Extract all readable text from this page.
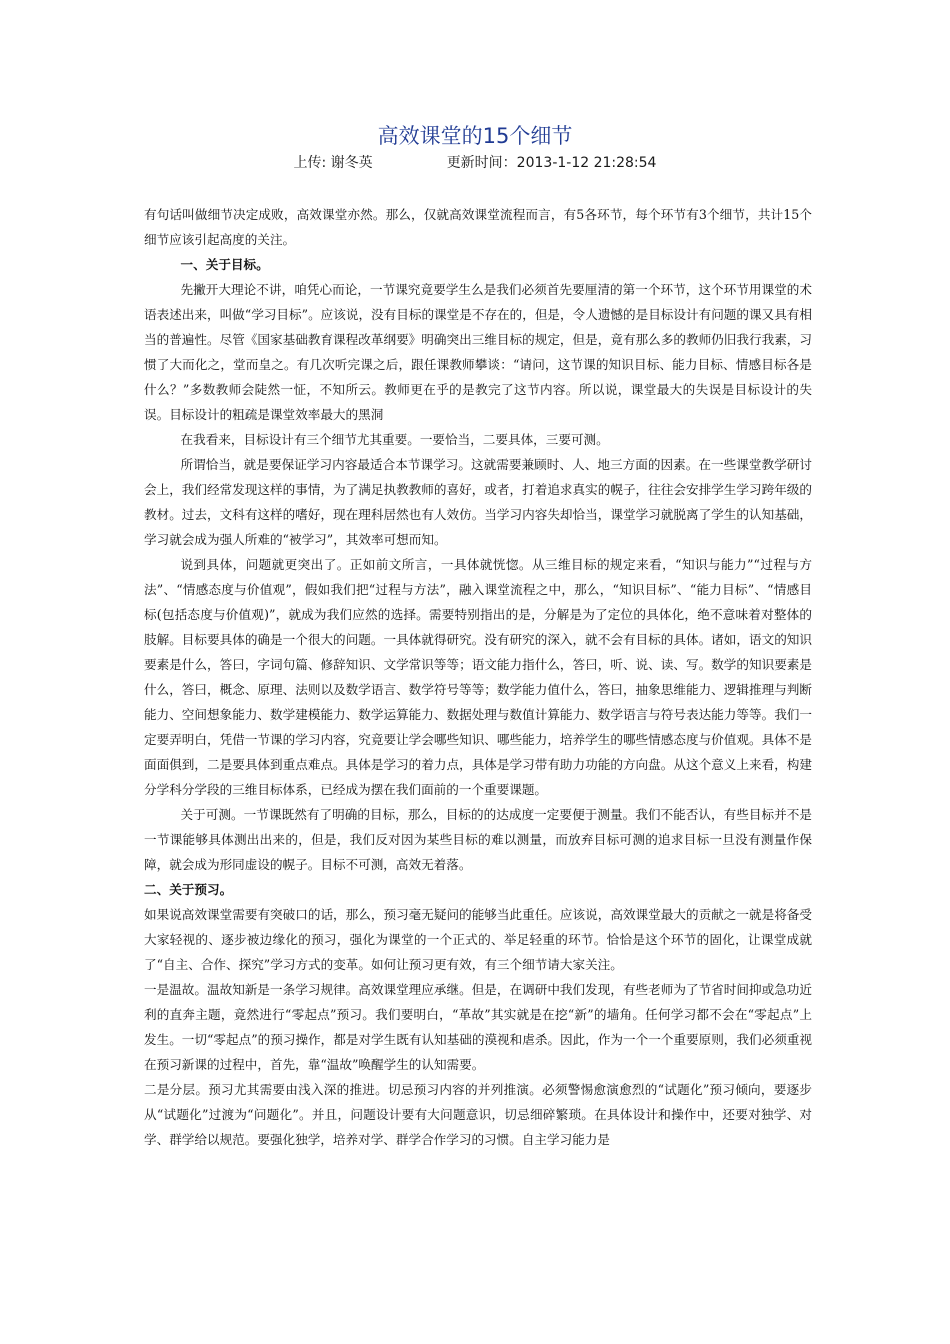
高效课堂的15个细节
上传: 谢冬英	更新时间：2013-1-12 21:28:54

有句话叫做细节决定成败，高效课堂亦然。那么，仅就高效课堂流程而言，有5各环节，每个环节有3个细节，共计15个细节应该引起高度的关注。

一、关于目标。

先撇开大理论不讲，咱凭心而论，一节课究竟要学生么是我们必须首先要厘清的第一个环节，这个环节用课堂的术语表述出来，叫做“学习目标”。应该说，没有目标的课堂是不存在的，但是，令人遗憾的是目标设计有问题的课又具有相当的普遍性。尽管《国家基础教育课程改革纲要》明确突出三维目标的规定，但是，竟有那么多的教师仍旧我行我素，习惯了大而化之，堂而皇之。有几次听完课之后，跟任课教师攀谈：“请问，这节课的知识目标、能力目标、情感目标各是什么？”多数教师会陡然一怔，不知所云。教师更在乎的是教完了这节内容。所以说，课堂最大的失误是目标设计的失误。目标设计的粗疏是课堂效率最大的黑洞

在我看来，目标设计有三个细节尤其重要。一要恰当，二要具体，三要可测。

所谓恰当，就是要保证学习内容最适合本节课学习。这就需要兼顾时、人、地三方面的因素。在一些课堂教学研讨会上，我们经常发现这样的事情，为了满足执教教师的喜好，或者，打着追求真实的幌子，往往会安排学生学习跨年级的教材。过去，文科有这样的嗜好，现在理科居然也有人效仿。当学习内容失却恰当，课堂学习就脱离了学生的认知基础，学习就会成为强人所难的“被学习”，其效率可想而知。

说到具体，问题就更突出了。正如前文所言，一具体就恍惚。从三维目标的规定来看，“知识与能力”“过程与方法”、“情感态度与价值观”，假如我们把“过程与方法”，融入课堂流程之中，那么，“知识目标”、“能力目标”、“情感目标(包括态度与价值观)”，就成为我们应然的选择。需要特别指出的是，分解是为了定位的具体化，绝不意味着对整体的肢解。目标要具体的确是一个很大的问题。一具体就得研究。没有研究的深入，就不会有目标的具体。诸如，语文的知识要素是什么，答曰，字词句篇、修辞知识、文学常识等等；语文能力指什么，答曰，听、说、读、写。数学的知识要素是什么，答曰，概念、原理、法则以及数学语言、数学符号等等；数学能力值什么，答曰，抽象思维能力、逻辑推理与判断能力、空间想象能力、数学建模能力、数学运算能力、数据处理与数值计算能力、数学语言与符号表达能力等等。我们一定要弄明白，凭借一节课的学习内容，究竟要让学会哪些知识、哪些能力，培养学生的哪些情感态度与价值观。具体不是面面俱到，二是要具体到重点难点。具体是学习的着力点，具体是学习带有助力功能的方向盘。从这个意义上来看，构建分学科分学段的三维目标体系，已经成为摆在我们面前的一个重要课题。

关于可测。一节课既然有了明确的目标，那么，目标的的达成度一定要便于测量。我们不能否认，有些目标并不是一节课能够具体测出出来的，但是，我们反对因为某些目标的难以测量，而放弃目标可测的追求目标一旦没有测量作保障，就会成为形同虚设的幌子。目标不可测，高效无着落。

二、关于预习。

如果说高效课堂需要有突破口的话，那么，预习毫无疑问的能够当此重任。应该说，高效课堂最大的贡献之一就是将备受大家轻视的、逐步被边缘化的预习，强化为课堂的一个正式的、举足轻重的环节。恰恰是这个环节的固化，让课堂成就了“自主、合作、探究”学习方式的变革。如何让预习更有效，有三个细节请大家关注。

一是温故。温故知新是一条学习规律。高效课堂理应承继。但是，在调研中我们发现，有些老师为了节省时间抑或急功近利的直奔主题，竟然进行“零起点”预习。我们要明白，“革故”其实就是在挖“新”的墙角。任何学习都不会在“零起点”上发生。一切“零起点”的预习操作，都是对学生既有认知基础的漠视和虐杀。因此，作为一个一个重要原则，我们必须重视在预习新课的过程中，首先，靠“温故”唤醒学生的认知需要。

二是分层。预习尤其需要由浅入深的推进。切忌预习内容的并列推演。必须警惕愈演愈烈的“试题化”预习倾向，要逐步从“试题化”过渡为“问题化”。并且，问题设计要有大问题意识，切忌细碎繁琐。在具体设计和操作中，还要对独学、对学、群学给以规范。要强化独学，培养对学、群学合作学习的习惯。自主学习能力是
